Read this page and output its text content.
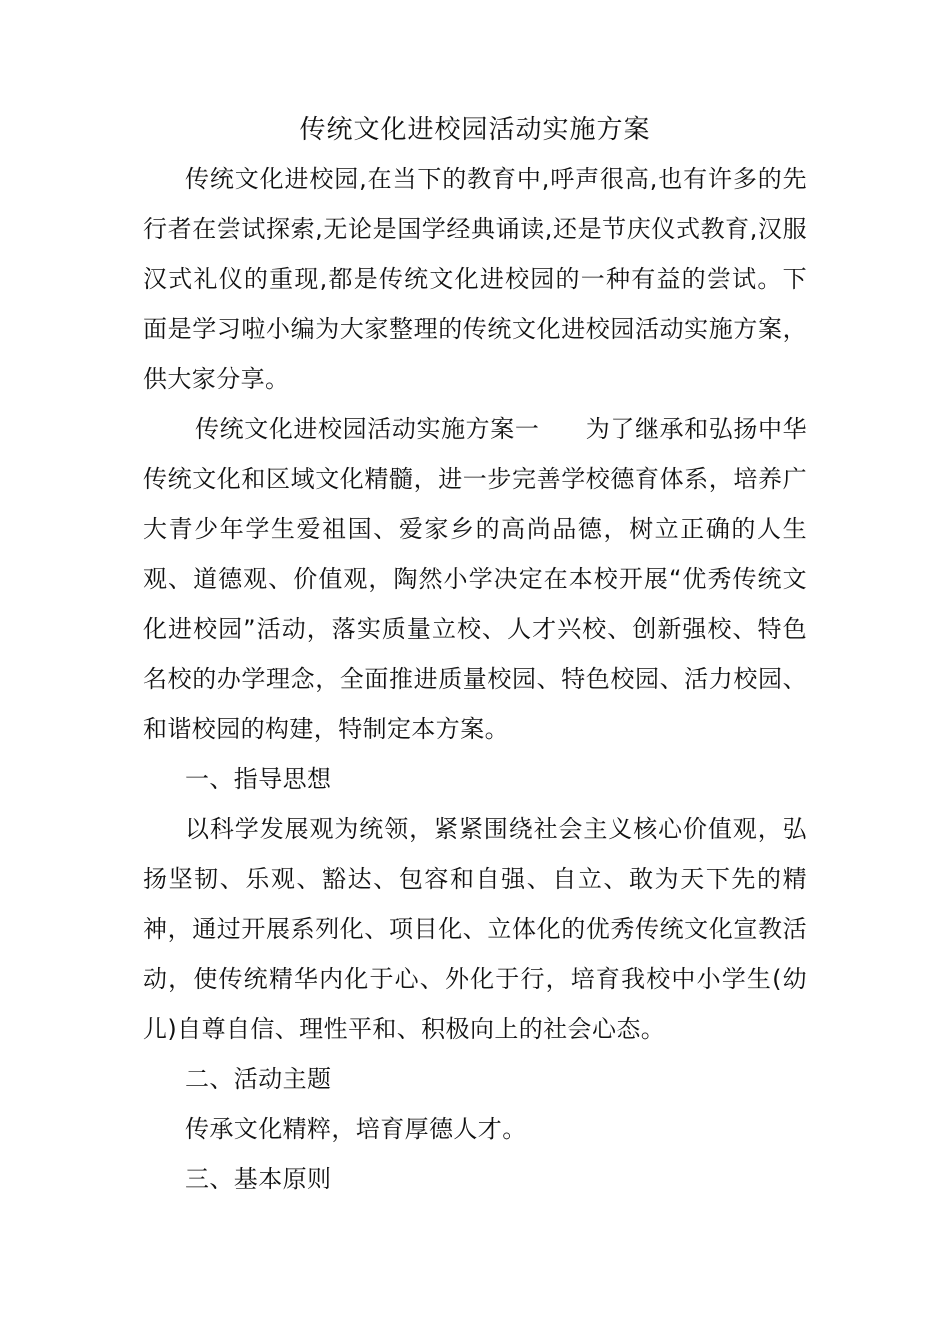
传统文化进校园活动实施方案

传统文化进校园,在当下的教育中,呼声很高,也有许多的先行者在尝试探索,无论是国学经典诵读,还是节庆仪式教育,汉服汉式礼仪的重现,都是传统文化进校园的一种有益的尝试。下面是学习啦小编为大家整理的传统文化进校园活动实施方案，供大家分享。

传统文化进校园活动实施方案一 为了继承和弘扬中华传统文化和区域文化精髓，进一步完善学校德育体系，培养广大青少年学生爱祖国、爱家乡的高尚品德，树立正确的人生观、道德观、价值观，陶然小学决定在本校开展“优秀传统文化进校园”活动，落实质量立校、人才兴校、创新强校、特色名校的办学理念，全面推进质量校园、特色校园、活力校园、和谐校园的构建，特制定本方案。

一、指导思想

以科学发展观为统领，紧紧围绕社会主义核心价值观，弘扬坚韧、乐观、豁达、包容和自强、自立、敢为天下先的精神，通过开展系列化、项目化、立体化的优秀传统文化宣教活动，使传统精华内化于心、外化于行，培育我校中小学生(幼儿)自尊自信、理性平和、积极向上的社会心态。

二、活动主题

传承文化精粹，培育厚德人才。

三、基本原则
